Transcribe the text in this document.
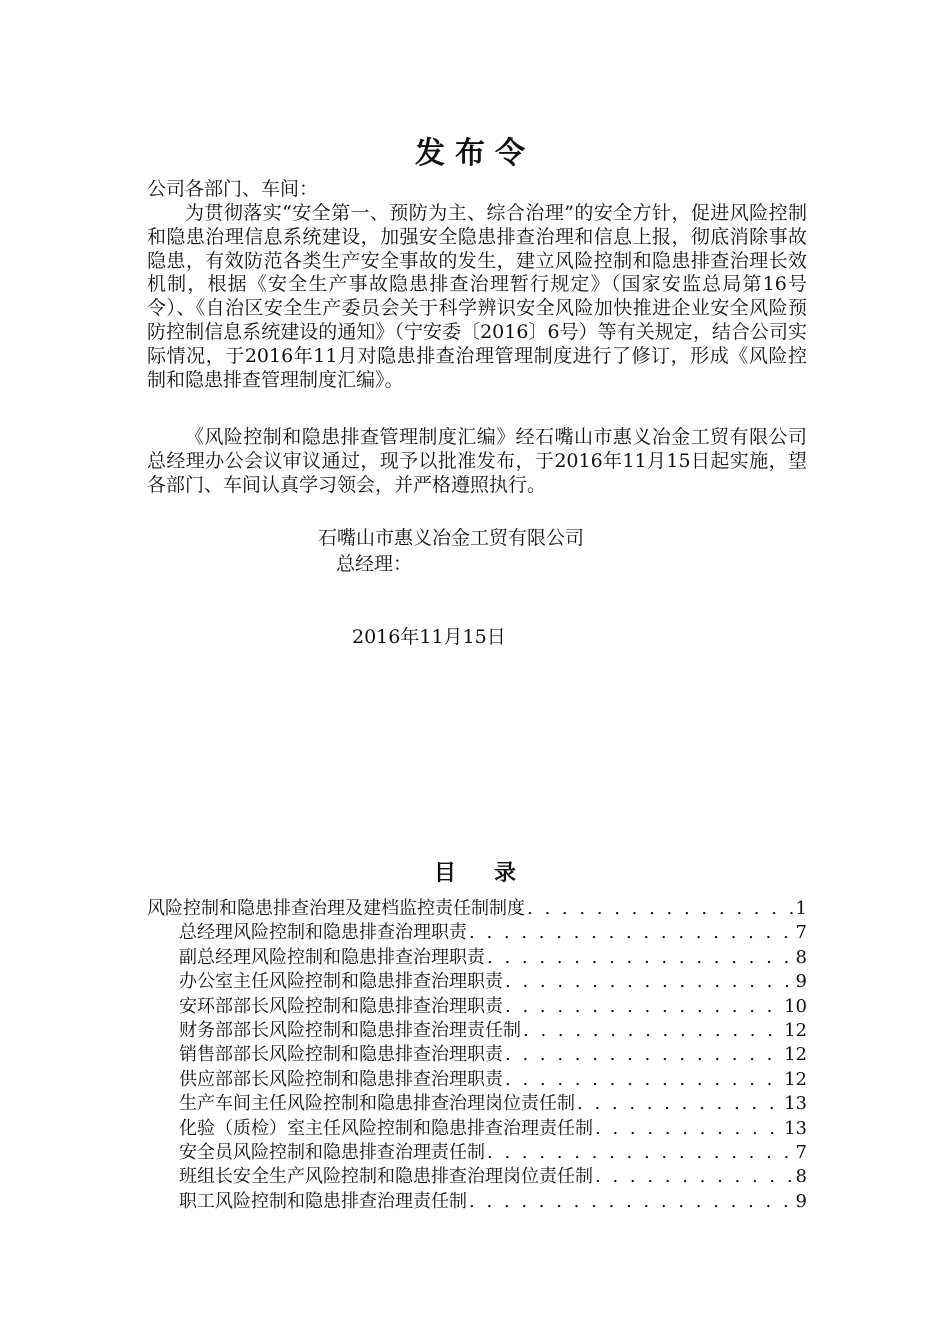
发布令
公司各部门、车间：
为贯彻落实“安全第一、预防为主、综合治理”的安全方针，促进风险控制和隐患治理信息系统建设，加强安全隐患排查治理和信息上报，彻底消除事故隐患，有效防范各类生产安全事故的发生，建立风险控制和隐患排查治理长效机制，根据《安全生产事故隐患排查治理暂行规定》（国家安监总局第16号令）、《自治区安全生产委员会关于科学辨识安全风险加快推进企业安全风险预防控制信息系统建设的通知》（宁安委〔2016〕6号）等有关规定，结合公司实际情况，于2016年11月对隐患排查治理管理制度进行了修订，形成《风险控制和隐患排查管理制度汇编》。
《风险控制和隐患排查管理制度汇编》经石嘴山市惠义冶金工贸有限公司总经理办公会议审议通过，现予以批准发布，于2016年11月15日起实施，望各部门、车间认真学习领会，并严格遵照执行。
石嘴山市惠义冶金工贸有限公司
总经理：
2016年11月15日
目录
风险控制和隐患排查治理及建档监控责任制制度 . . .	1
总经理风险控制和隐患排查治理职责 . . .	7
副总经理风险控制和隐患排查治理职责 . . .	8
办公室主任风险控制和隐患排查治理职责 . . .	9
安环部部长风险控制和隐患排查治理职责 . . .	10
财务部部长风险控制和隐患排查治理责任制 . . .	12
销售部部长风险控制和隐患排查治理职责 . . .	12
供应部部长风险控制和隐患排查治理职责 . . .	12
生产车间主任风险控制和隐患排查治理岗位责任制 . . .	13
化验（质检）室主任风险控制和隐患排查治理责任制 . . .	13
安全员风险控制和隐患排查治理责任制 . . .	7
班组长安全生产风险控制和隐患排查治理岗位责任制 . . .	8
职工风险控制和隐患排查治理责任制 . . .	9
